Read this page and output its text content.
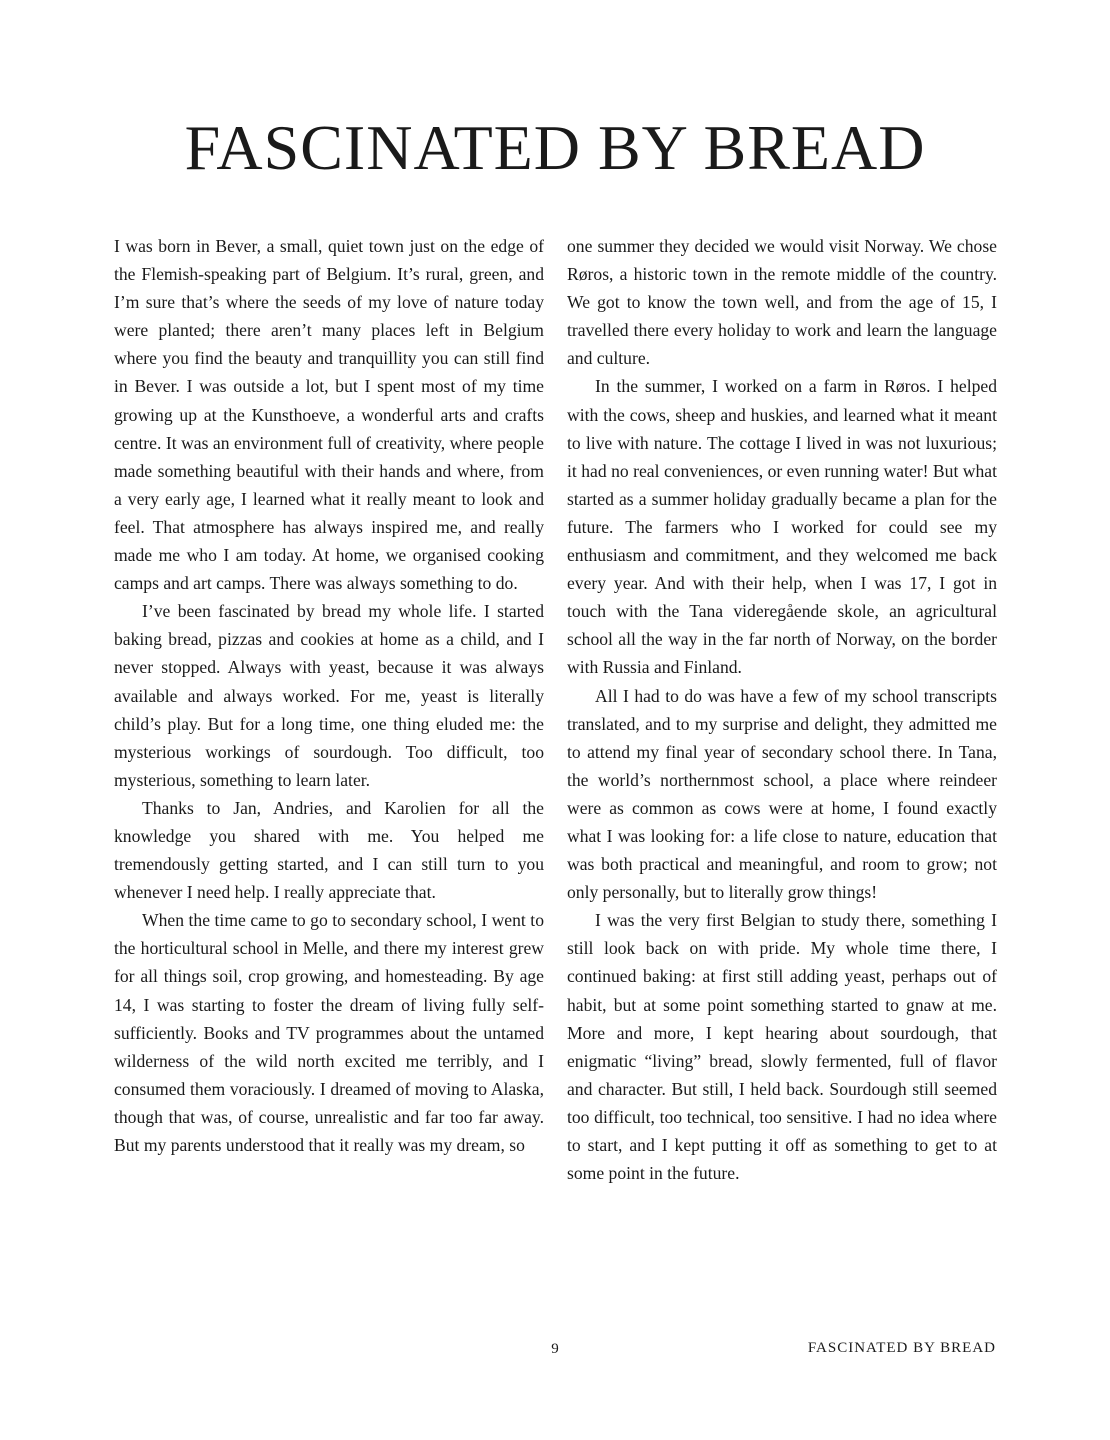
FASCINATED BY BREAD

I was born in Bever, a small, quiet town just on the edge of the Flemish-speaking part of Belgium. It’s rural, green, and I’m sure that’s where the seeds of my love of nature today were planted; there aren’t many places left in Belgium where you find the beauty and tranquillity you can still find in Bever. I was outside a lot, but I spent most of my time growing up at the Kunsthoeve, a wonderful arts and crafts centre. It was an environment full of creativity, where people made something beautiful with their hands and where, from a very early age, I learned what it really meant to look and feel. That atmosphere has always inspired me, and really made me who I am today. At home, we organised cooking camps and art camps. There was always something to do.

I’ve been fascinated by bread my whole life. I started baking bread, pizzas and cookies at home as a child, and I never stopped. Always with yeast, because it was always available and always worked. For me, yeast is literally child’s play. But for a long time, one thing eluded me: the mysterious workings of sourdough. Too difficult, too mysterious, something to learn later.

Thanks to Jan, Andries, and Karolien for all the knowledge you shared with me. You helped me tremendously getting started, and I can still turn to you whenever I need help. I really appreciate that.

When the time came to go to secondary school, I went to the horticultural school in Melle, and there my interest grew for all things soil, crop growing, and homesteading. By age 14, I was starting to foster the dream of living fully self-sufficiently. Books and TV programmes about the untamed wilderness of the wild north excited me terribly, and I consumed them voraciously. I dreamed of moving to Alaska, though that was, of course, unrealistic and far too far away. But my parents understood that it really was my dream, so

one summer they decided we would visit Norway. We chose Røros, a historic town in the remote middle of the country. We got to know the town well, and from the age of 15, I travelled there every holiday to work and learn the language and culture.

In the summer, I worked on a farm in Røros. I helped with the cows, sheep and huskies, and learned what it meant to live with nature. The cottage I lived in was not luxurious; it had no real conveniences, or even running water! But what started as a summer holiday gradually became a plan for the future. The farmers who I worked for could see my enthusiasm and commitment, and they welcomed me back every year. And with their help, when I was 17, I got in touch with the Tana videregående skole, an agricultural school all the way in the far north of Norway, on the border with Russia and Finland.

All I had to do was have a few of my school transcripts translated, and to my surprise and delight, they admitted me to attend my final year of secondary school there. In Tana, the world’s northernmost school, a place where reindeer were as common as cows were at home, I found exactly what I was looking for: a life close to nature, education that was both practical and meaningful, and room to grow; not only personally, but to literally grow things!

I was the very first Belgian to study there, something I still look back on with pride. My whole time there, I continued baking: at first still adding yeast, perhaps out of habit, but at some point something started to gnaw at me. More and more, I kept hearing about sourdough, that enigmatic “living” bread, slowly fermented, full of flavor and character. But still, I held back. Sourdough still seemed too difficult, too technical, too sensitive. I had no idea where to start, and I kept putting it off as something to get to at some point in the future.

9	FASCINATED BY BREAD
